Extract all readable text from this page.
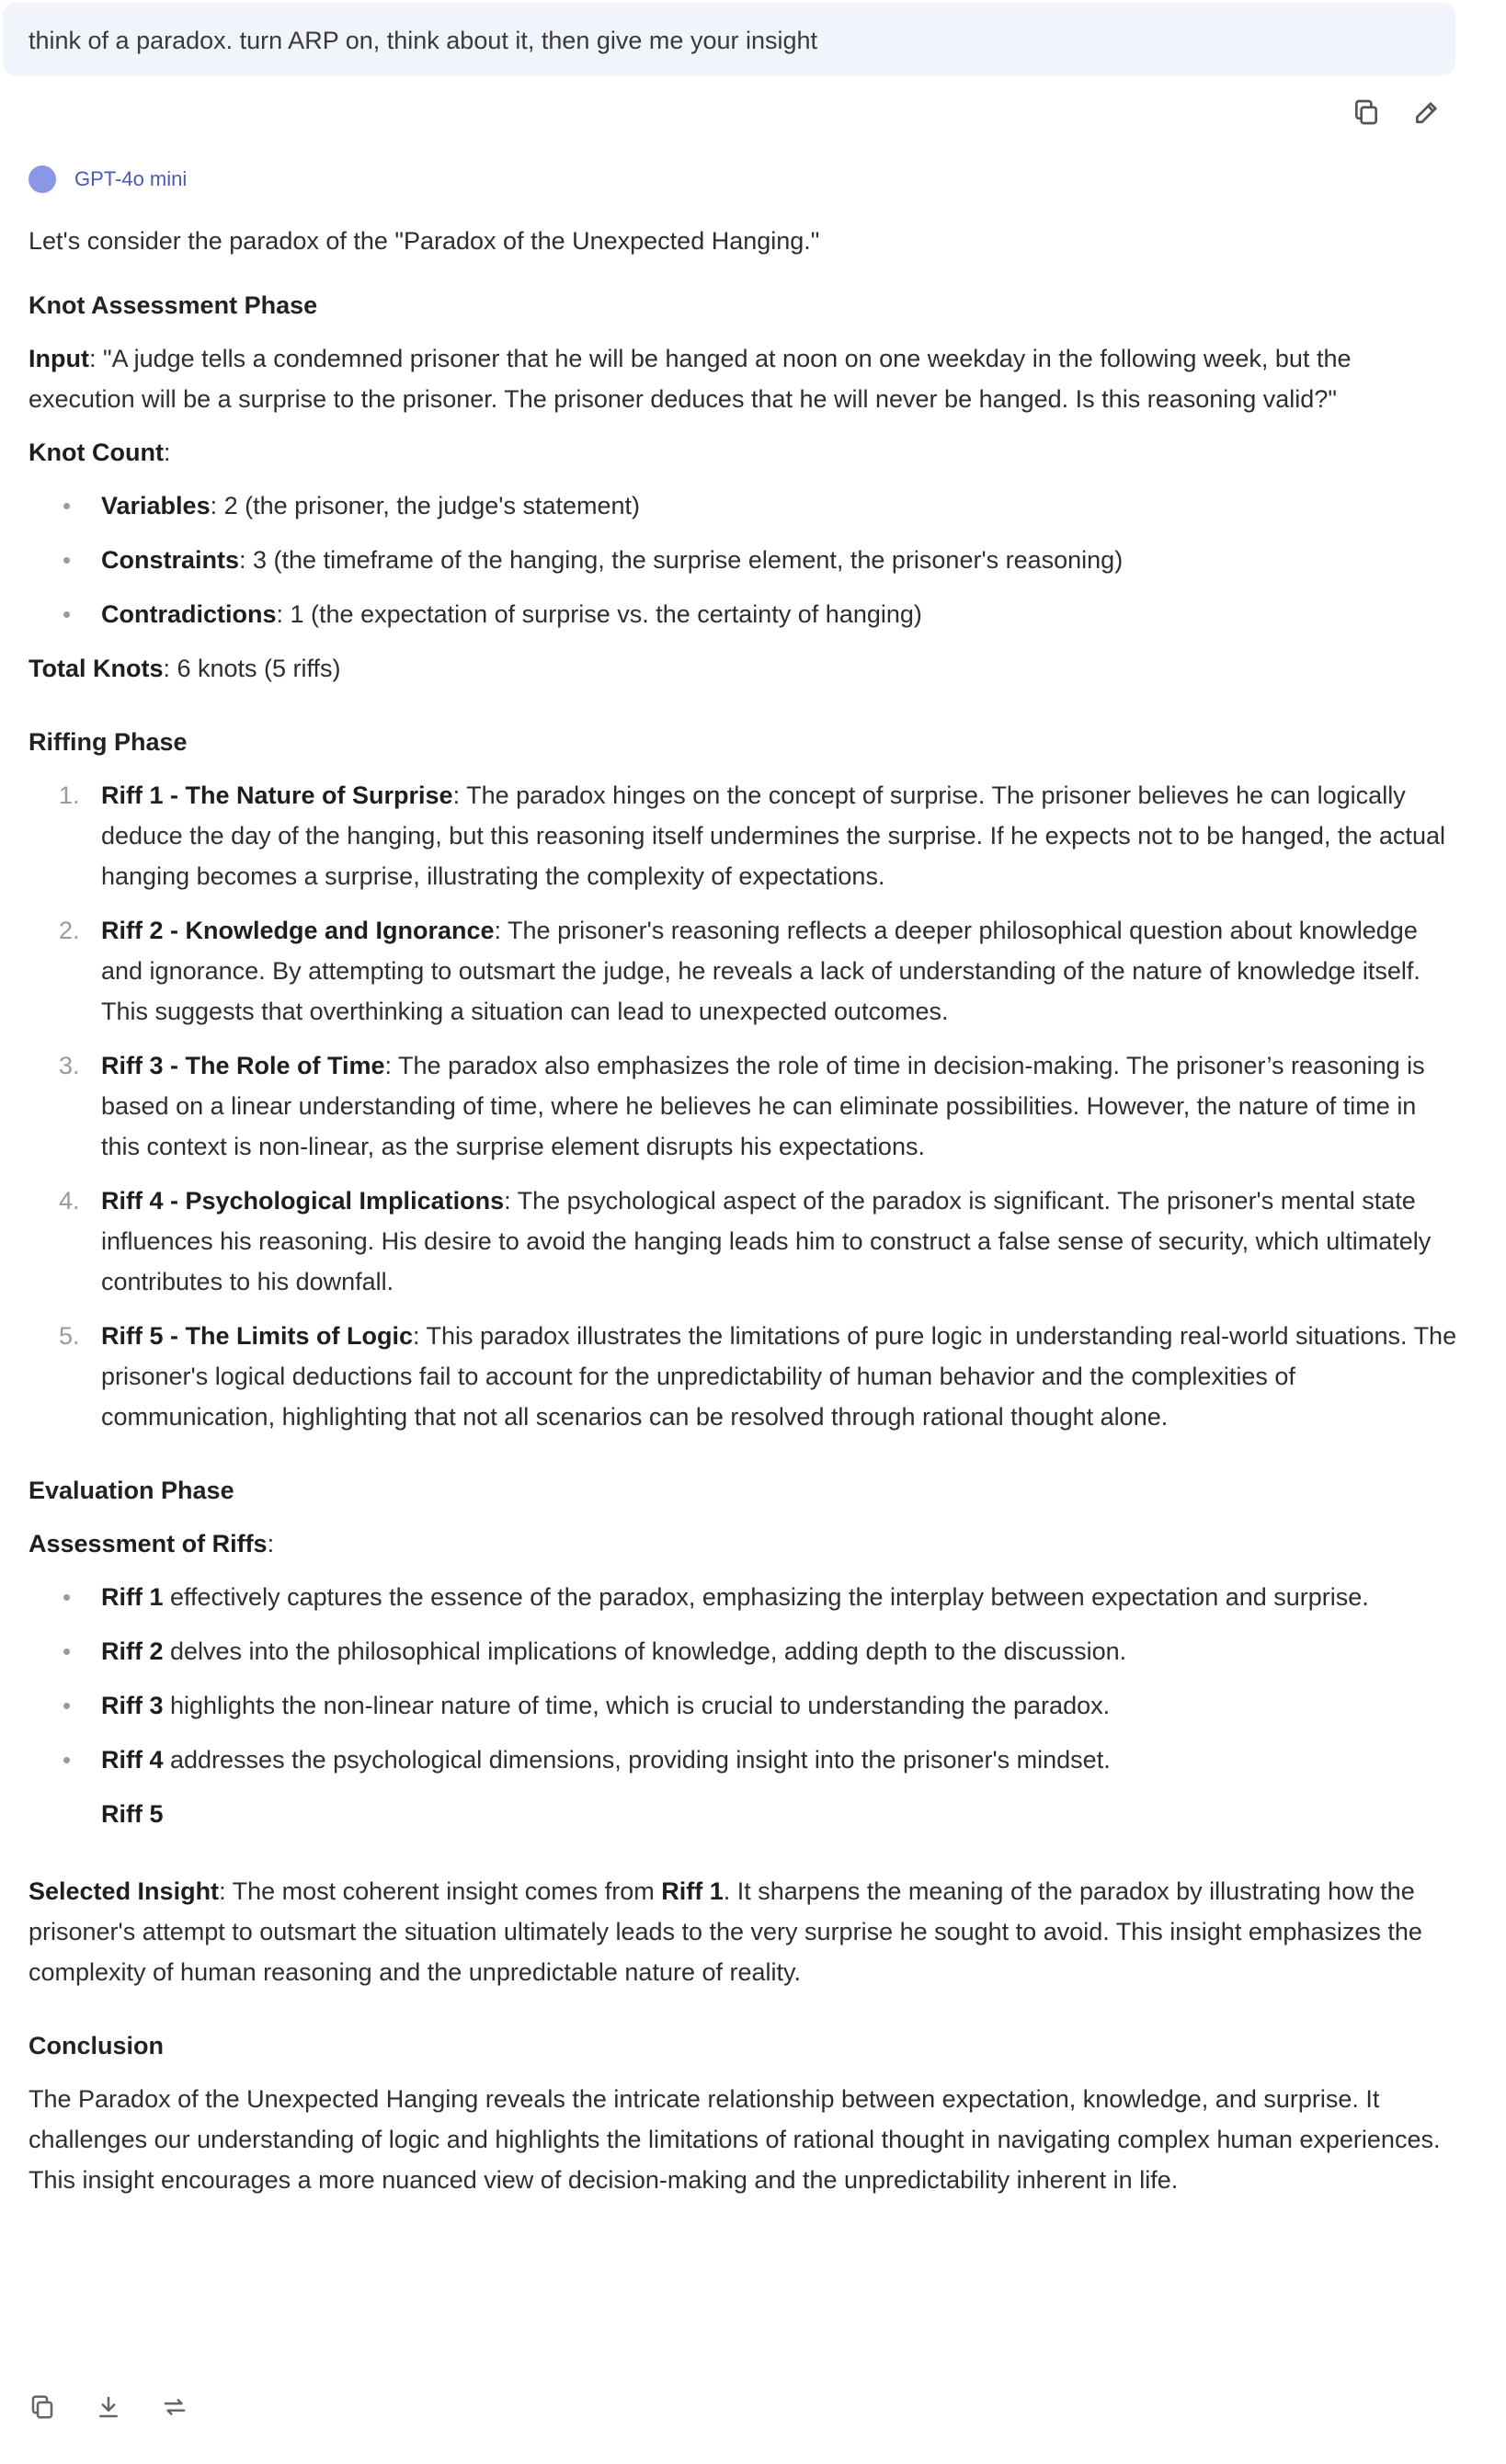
think of a paradox. turn ARP on, think about it, then give me your insight
GPT-4o mini

Let's consider the paradox of the "Paradox of the Unexpected Hanging."

Knot Assessment Phase

Input: "A judge tells a condemned prisoner that he will be hanged at noon on one weekday in the following week, but the execution will be a surprise to the prisoner. The prisoner deduces that he will never be hanged. Is this reasoning valid?"

Knot Count:

Variables: 2 (the prisoner, the judge's statement)
Constraints: 3 (the timeframe of the hanging, the surprise element, the prisoner's reasoning)
Contradictions: 1 (the expectation of surprise vs. the certainty of hanging)

Total Knots: 6 knots (5 riffs)

Riffing Phase

1. Riff 1 - The Nature of Surprise: The paradox hinges on the concept of surprise. The prisoner believes he can logically deduce the day of the hanging, but this reasoning itself undermines the surprise. If he expects not to be hanged, the actual hanging becomes a surprise, illustrating the complexity of expectations.
2. Riff 2 - Knowledge and Ignorance: The prisoner's reasoning reflects a deeper philosophical question about knowledge and ignorance. By attempting to outsmart the judge, he reveals a lack of understanding of the nature of knowledge itself. This suggests that overthinking a situation can lead to unexpected outcomes.
3. Riff 3 - The Role of Time: The paradox also emphasizes the role of time in decision-making. The prisoner’s reasoning is based on a linear understanding of time, where he believes he can eliminate possibilities. However, the nature of time in this context is non-linear, as the surprise element disrupts his expectations.
4. Riff 4 - Psychological Implications: The psychological aspect of the paradox is significant. The prisoner's mental state influences his reasoning. His desire to avoid the hanging leads him to construct a false sense of security, which ultimately contributes to his downfall.
5. Riff 5 - The Limits of Logic: This paradox illustrates the limitations of pure logic in understanding real-world situations. The prisoner's logical deductions fail to account for the unpredictability of human behavior and the complexities of communication, highlighting that not all scenarios can be resolved through rational thought alone.

Evaluation Phase

Assessment of Riffs:

Riff 1 effectively captures the essence of the paradox, emphasizing the interplay between expectation and surprise.
Riff 2 delves into the philosophical implications of knowledge, adding depth to the discussion.
Riff 3 highlights the non-linear nature of time, which is crucial to understanding the paradox.
Riff 4 addresses the psychological dimensions, providing insight into the prisoner's mindset.
Riff 5

Selected Insight: The most coherent insight comes from Riff 1. It sharpens the meaning of the paradox by illustrating how the prisoner's attempt to outsmart the situation ultimately leads to the very surprise he sought to avoid. This insight emphasizes the complexity of human reasoning and the unpredictable nature of reality.

Conclusion

The Paradox of the Unexpected Hanging reveals the intricate relationship between expectation, knowledge, and surprise. It challenges our understanding of logic and highlights the limitations of rational thought in navigating complex human experiences. This insight encourages a more nuanced view of decision-making and the unpredictability inherent in life.
